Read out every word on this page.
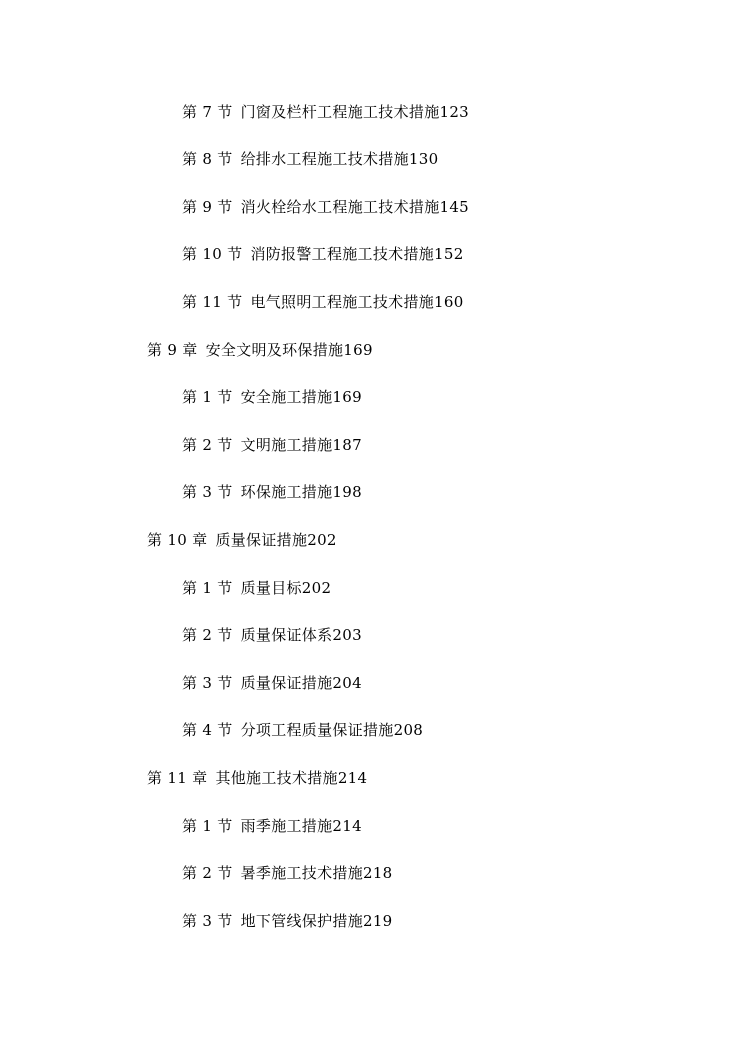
第 7 节 门窗及栏杆工程施工技术措施123
第 8 节 给排水工程施工技术措施130
第 9 节 消火栓给水工程施工技术措施145
第 10 节 消防报警工程施工技术措施152
第 11 节 电气照明工程施工技术措施160
第 9 章 安全文明及环保措施169
第 1 节 安全施工措施169
第 2 节 文明施工措施187
第 3 节 环保施工措施198
第 10 章 质量保证措施202
第 1 节 质量目标202
第 2 节 质量保证体系203
第 3 节 质量保证措施204
第 4 节 分项工程质量保证措施208
第 11 章 其他施工技术措施214
第 1 节 雨季施工措施214
第 2 节 暑季施工技术措施218
第 3 节 地下管线保护措施219
